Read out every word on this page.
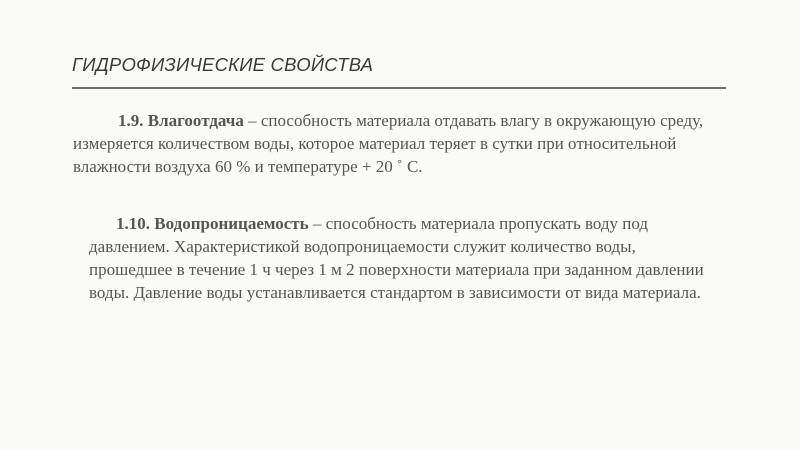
ГИДРОФИЗИЧЕСКИЕ СВОЙСТВА

1.9. Влагоотдача – способность материала отдавать влагу в окружающую среду, измеряется количеством воды, которое материал теряет в сутки при относительной влажности воздуха 60 % и температуре + 20 ˚ С.

1.10. Водопроницаемость – способность материала пропускать воду под давлением. Характеристикой водопроницаемости служит количество воды, прошедшее в течение 1 ч через 1 м 2 поверхности материала при заданном давлении воды. Давление воды устанавливается стандартом в зависимости от вида материала.
